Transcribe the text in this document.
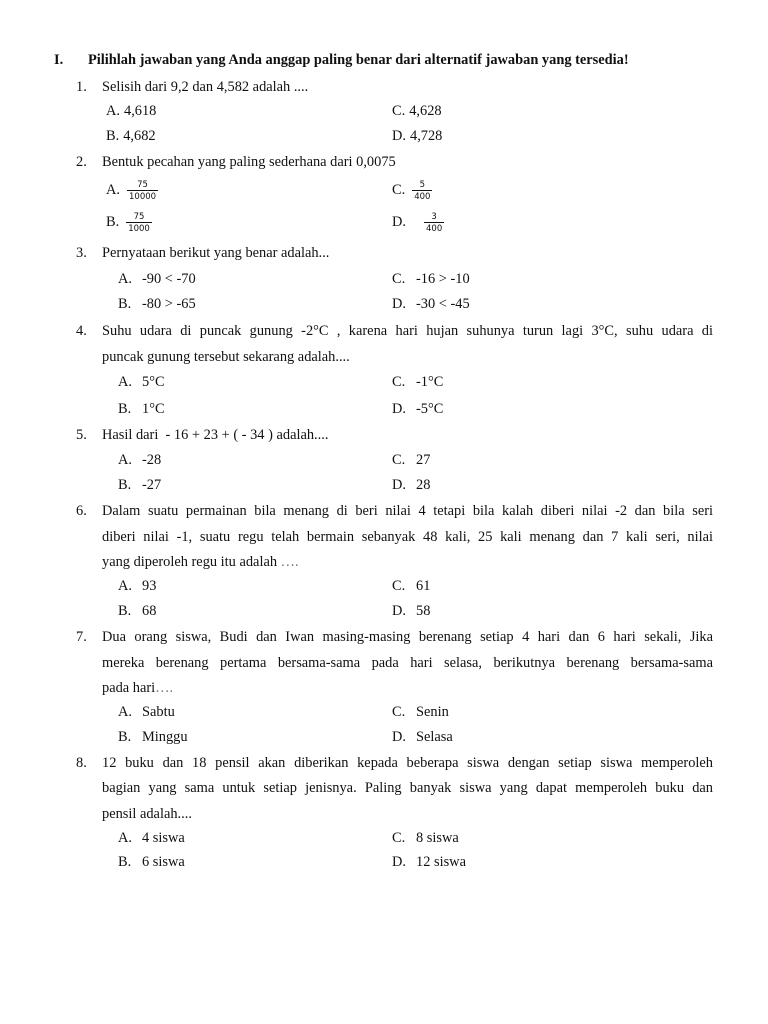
I. Pilihlah jawaban yang Anda anggap paling benar dari alternatif jawaban yang tersedia!
1. Selisih dari 9,2 dan 4,582 adalah ....
A. 4,618	C. 4,628
B. 4,682	D. 4,728
2. Bentuk pecahan yang paling sederhana dari 0,0075
A. $\frac{75}{10000}$	C. $\frac{5}{400}$
B. $\frac{75}{1000}$	D. $\frac{3}{400}$
3. Pernyataan berikut yang benar adalah...
A. -90 < -70	C. -16 > -10
B. -80 > -65	D. -30 < -45
4. Suhu udara di puncak gunung -2°C , karena hari hujan suhunya turun lagi 3°C, suhu udara di
puncak gunung tersebut sekarang adalah....
A. 5°C	C. -1°C
B. 1°C	D. -5°C
5. Hasil dari  - 16 + 23 + ( - 34 ) adalah....
A. -28	C. 27
B. -27	D. 28
6. Dalam suatu permainan bila menang di beri nilai 4 tetapi bila kalah diberi nilai -2 dan bila seri
diberi nilai -1, suatu regu telah bermain sebanyak 48 kali, 25 kali menang dan 7 kali seri, nilai
yang diperoleh regu itu adalah ….
A. 93	C. 61
B. 68	D. 58
7. Dua orang siswa, Budi dan Iwan masing-masing berenang setiap 4 hari dan 6 hari sekali, Jika
mereka berenang pertama bersama-sama pada hari selasa, berikutnya berenang bersama-sama
pada hari….
A. Sabtu	C. Senin
B. Minggu	D. Selasa
8. 12 buku dan 18 pensil akan diberikan kepada beberapa siswa dengan setiap siswa memperoleh
bagian yang sama untuk setiap jenisnya. Paling banyak siswa yang dapat memperoleh buku dan
pensil adalah....
A. 4 siswa	C. 8 siswa
B. 6 siswa	D. 12 siswa
